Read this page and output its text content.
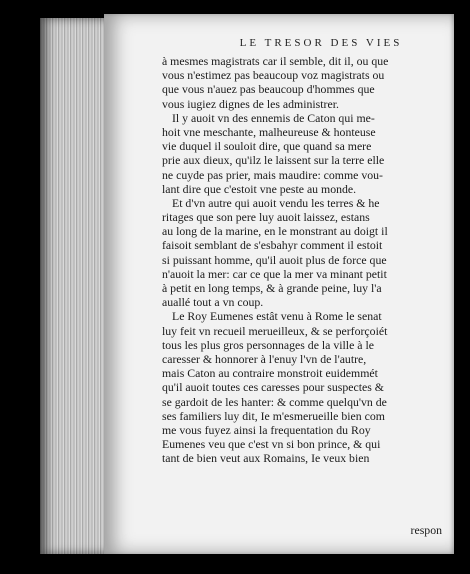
LE TRESOR DES VIES
à mesmes magistrats car il semble, dit il, ou que
vous n'estimez pas beaucoup voz magistrats ou
que vous n'auez pas beaucoup d'hommes que
vous iugiez dignes de les administrer.
Il y auoit vn des ennemis de Caton qui me-
hoit vne meschante, malheureuse & honteuse
vie duquel il souloit dire, que quand sa mere
prie aux dieux, qu'ilz le laissent sur la terre elle
ne cuyde pas prier, mais maudire: comme vou-
lant dire que c'estoit vne peste au monde.
Et d'vn autre qui auoit vendu les terres & he
ritages que son pere luy auoit laissez, estans
au long de la marine, en le monstrant au doigt il
faisoit semblant de s'esbahyr comment il estoit
si puissant homme, qu'il auoit plus de force que
n'auoit la mer: car ce que la mer va minant petit
à petit en long temps, & à grande peine, luy l'a
auallé tout a vn coup.
Le Roy Eumenes estât venu à Rome le senat
luy feit vn recueil merueilleux, & se perforçoiét
tous les plus gros personnages de la ville à le
caresser & honnorer à l'enuy l'vn de l'autre,
mais Caton au contraire monstroit euidemmét
qu'il auoit toutes ces caresses pour suspectes &
se gardoit de les hanter: & comme quelqu'vn de
ses familiers luy dit, Ie m'esmerueille bien com
me vous fuyez ainsi la frequentation du Roy
Eumenes veu que c'est vn si bon prince, & qui
tant de bien veut aux Romains, Ie veux bien
respon
